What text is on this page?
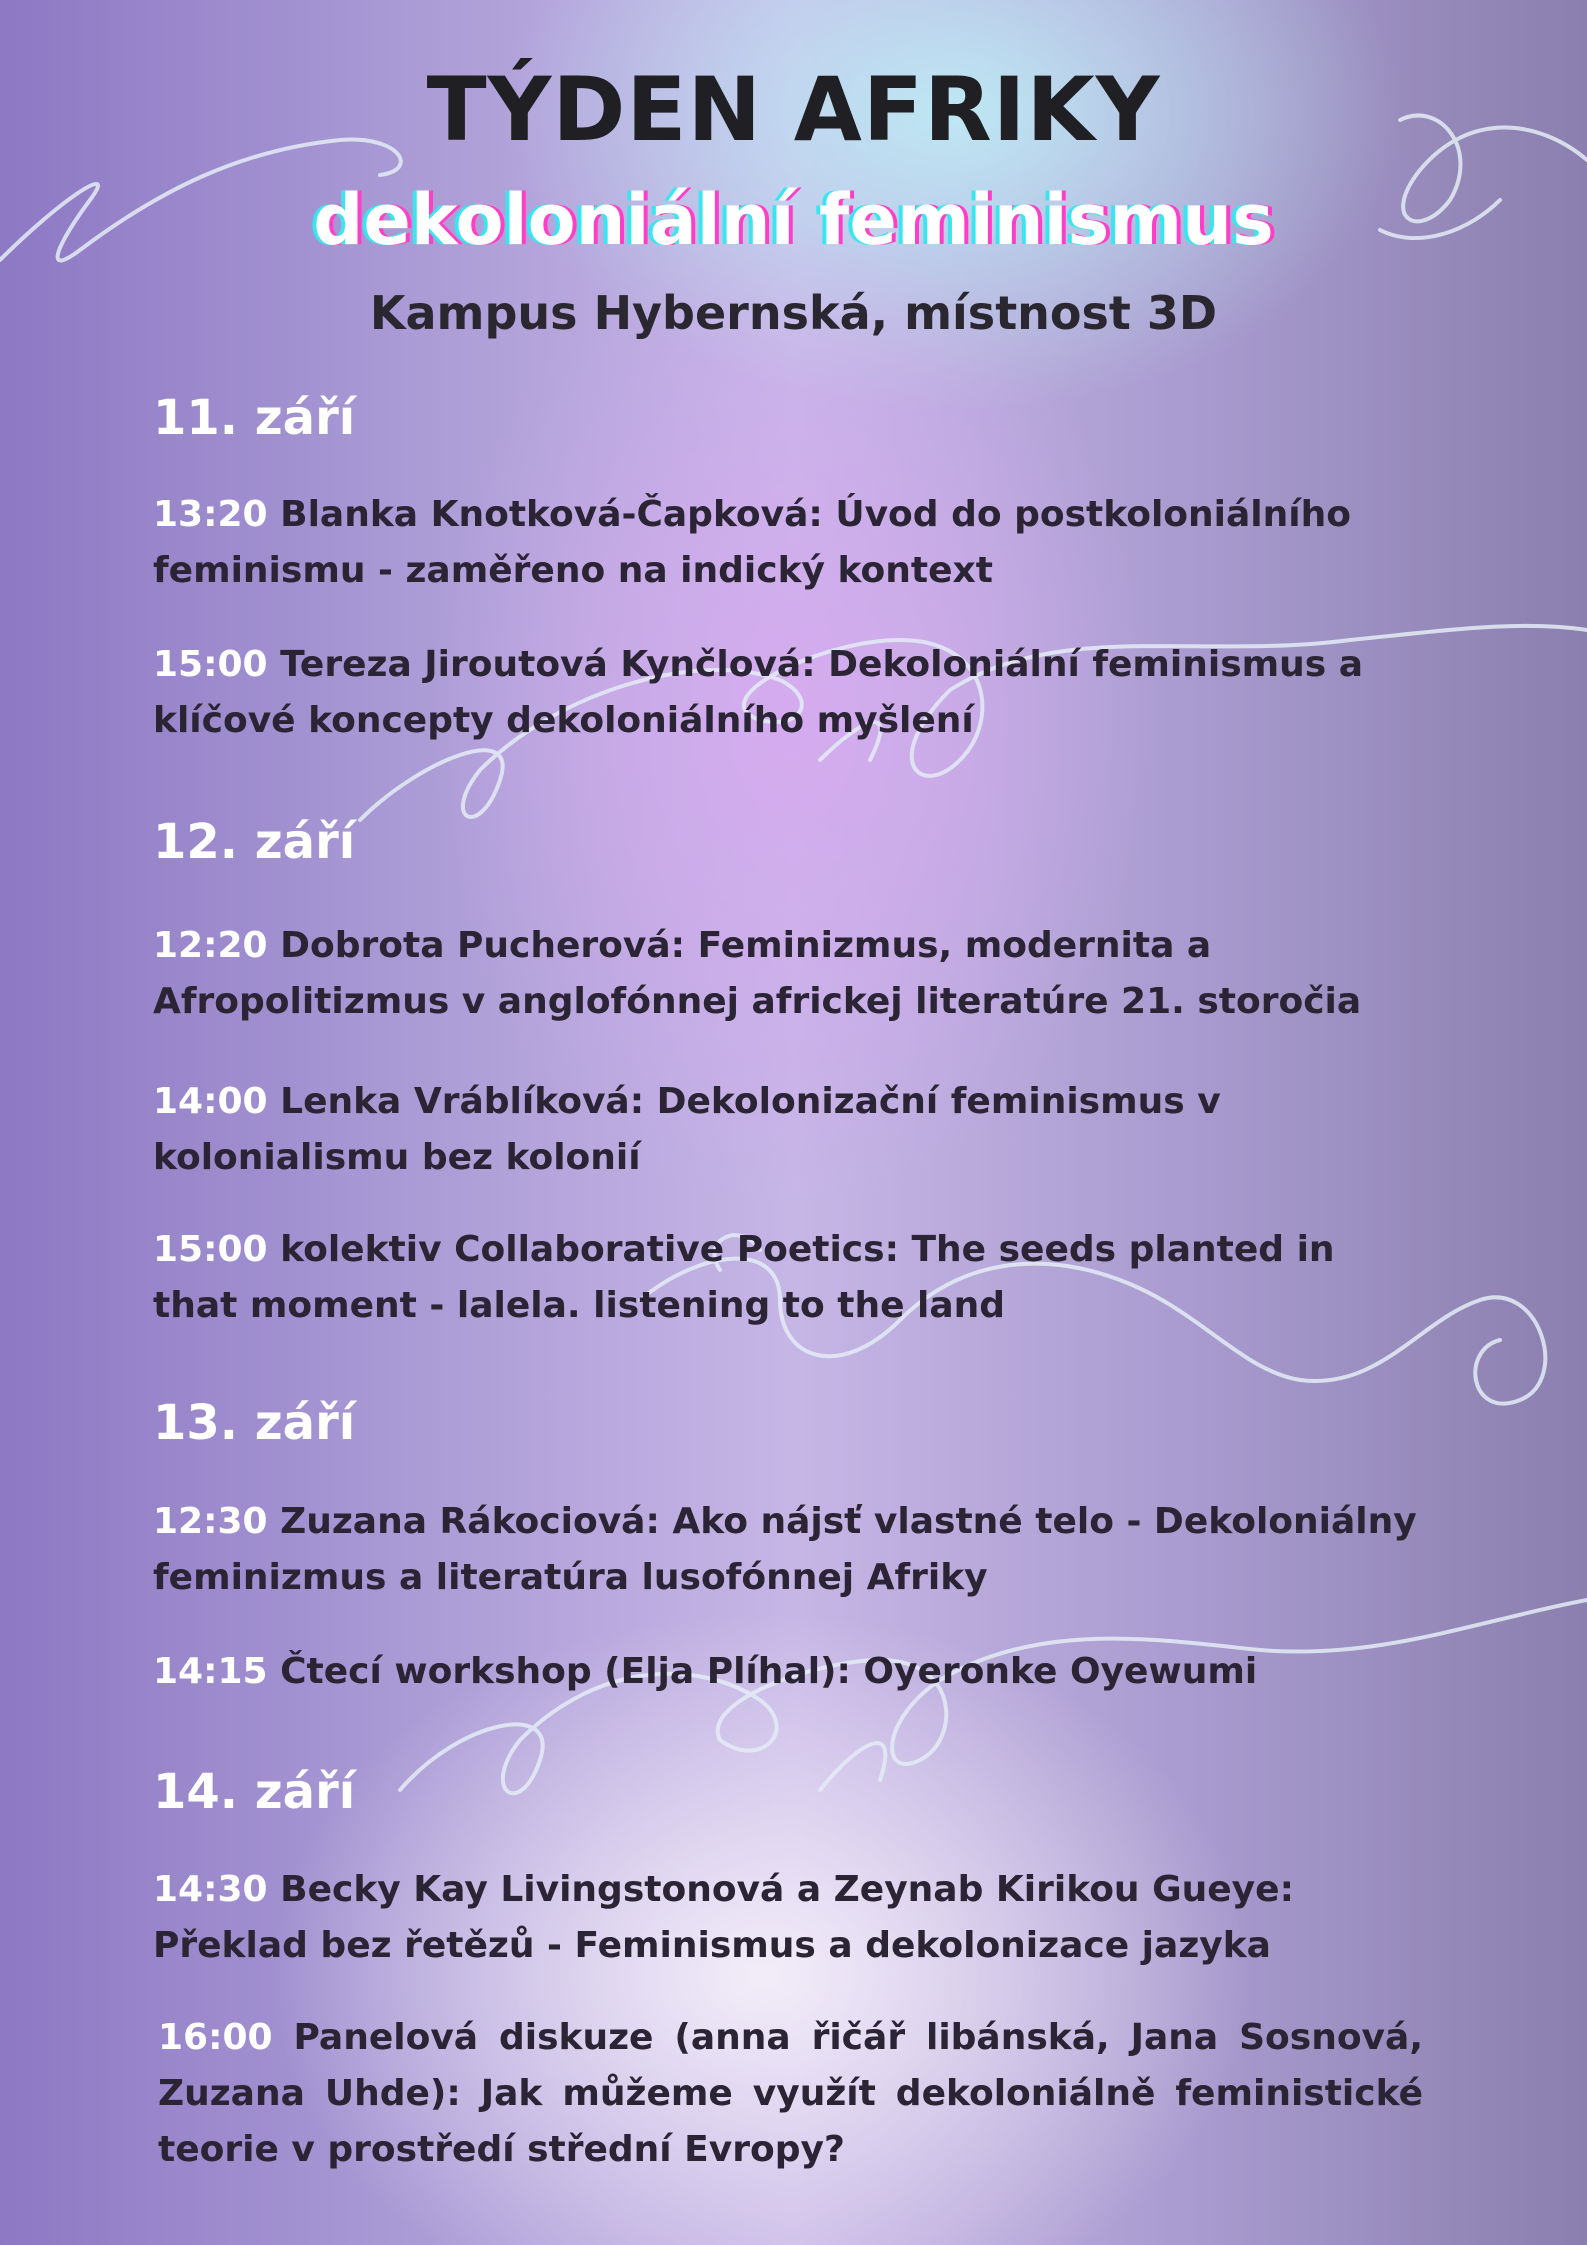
TÝDEN AFRIKY
dekoloniální feminismus
Kampus Hybernská, místnost 3D
11. září
13:20 Blanka Knotková-Čapková: Úvod do postkoloniálního feminismu - zaměřeno na indický kontext
15:00 Tereza Jiroutová Kynčlová: Dekoloniální feminismus a klíčové koncepty dekoloniálního myšlení
12. září
12:20 Dobrota Pucherová: Feminizmus, modernita a Afropolitizmus v anglofónnej africkej literatúre 21. storočia
14:00 Lenka Vráblíková: Dekolonizační feminismus v kolonialismu bez kolonií
15:00 kolektiv Collaborative Poetics: The seeds planted in that moment - lalela. listening to the land
13. září
12:30 Zuzana Rákociová: Ako nájsť vlastné telo - Dekoloniálny feminizmus a literatúra lusofónnej Afriky
14:15 Čtecí workshop (Elja Plíhal): Oyeronke Oyewumi
14. září
14:30 Becky Kay Livingstonová a Zeynab Kirikou Gueye: Překlad bez řetězů - Feminismus a dekolonizace jazyka
16:00 Panelová diskuze (anna řičář libánská, Jana Sosnová, Zuzana Uhde): Jak můžeme využít dekoloniálně feministické teorie v prostředí střední Evropy?
